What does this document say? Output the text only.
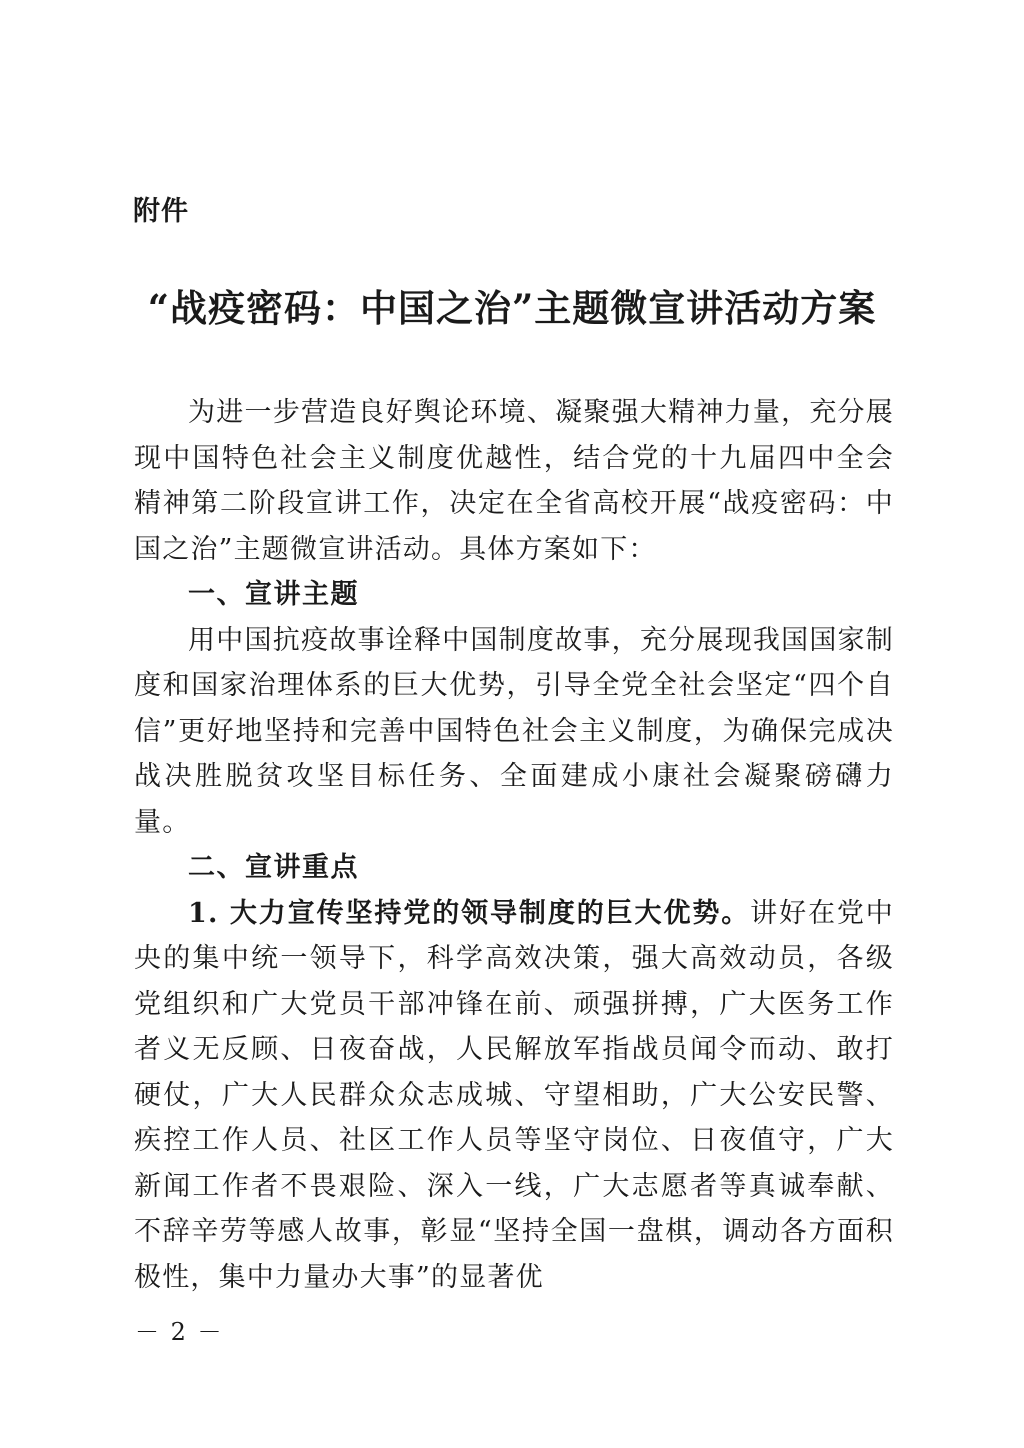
附件
“战疫密码：中国之治”主题微宣讲活动方案

为进一步营造良好舆论环境、凝聚强大精神力量，充分展现中国特色社会主义制度优越性，结合党的十九届四中全会精神第二阶段宣讲工作，决定在全省高校开展“战疫密码：中国之治”主题微宣讲活动。具体方案如下：

一、宣讲主题

用中国抗疫故事诠释中国制度故事，充分展现我国国家制度和国家治理体系的巨大优势，引导全党全社会坚定“四个自信”更好地坚持和完善中国特色社会主义制度，为确保完成决战决胜脱贫攻坚目标任务、全面建成小康社会凝聚磅礴力量。

二、宣讲重点

1. 大力宣传坚持党的领导制度的巨大优势。讲好在党中央的集中统一领导下，科学高效决策，强大高效动员，各级党组织和广大党员干部冲锋在前、顽强拼搏，广大医务工作者义无反顾、日夜奋战，人民解放军指战员闻令而动、敢打硬仗，广大人民群众众志成城、守望相助，广大公安民警、疾控工作人员、社区工作人员等坚守岗位、日夜值守，广大新闻工作者不畏艰险、深入一线，广大志愿者等真诚奉献、不辞辛劳等感人故事，彰显“坚持全国一盘棋，调动各方面积极性，集中力量办大事”的显著优

－ 2 －
